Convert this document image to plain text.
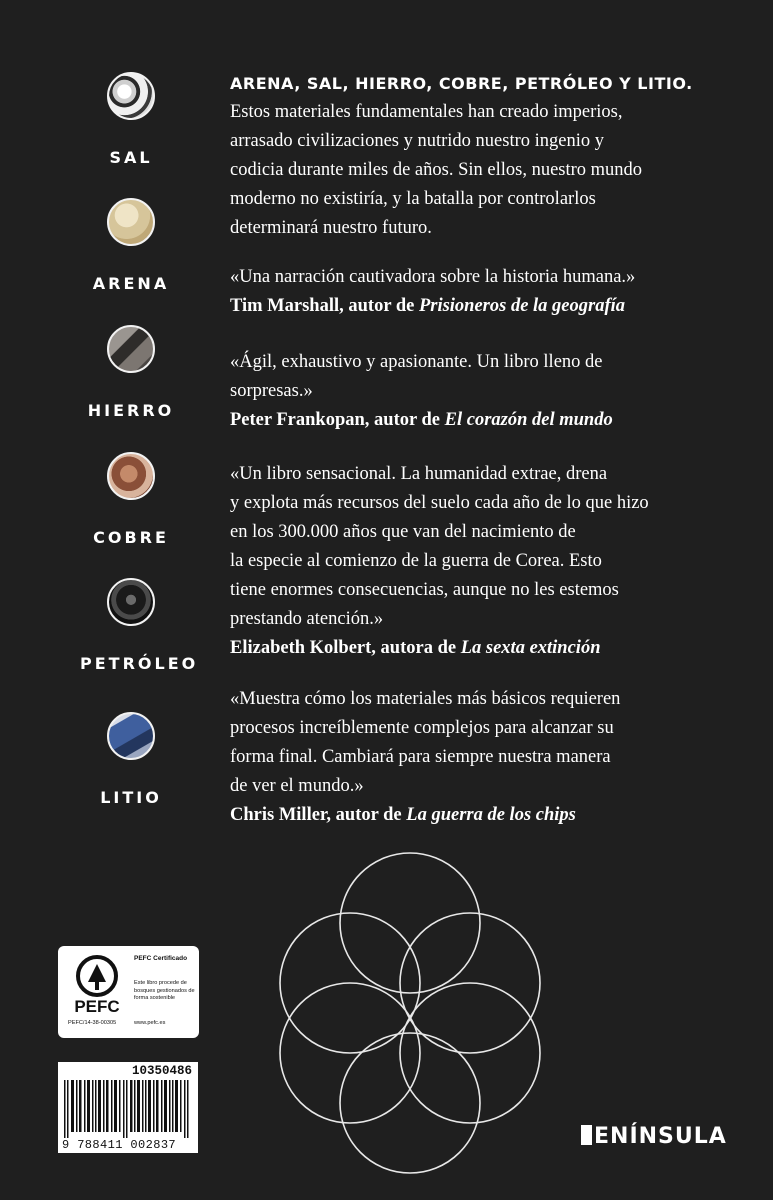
SAL
ARENA
HIERRO
COBRE
PETRÓLEO
LITIO
ARENA, SAL, HIERRO, COBRE, PETRÓLEO Y LITIO.

Estos materiales fundamentales han creado imperios,

arrasado civilizaciones y nutrido nuestro ingenio y

codicia durante miles de años. Sin ellos, nuestro mundo

moderno no existiría, y la batalla por controlarlos

determinará nuestro futuro.

«Una narración cautivadora sobre la historia humana.»

Tim Marshall, autor de Prisioneros de la geografía

«Ágil, exhaustivo y apasionante. Un libro lleno de

sorpresas.»

Peter Frankopan, autor de El corazón del mundo

«Un libro sensacional. La humanidad extrae, drena

y explota más recursos del suelo cada año de lo que hizo

en los 300.000 años que van del nacimiento de

la especie al comienzo de la guerra de Corea. Esto

tiene enormes consecuencias, aunque no les estemos

prestando atención.»

Elizabeth Kolbert, autora de La sexta extinción

«Muestra cómo los materiales más básicos requieren

procesos increíblemente complejos para alcanzar su

forma final. Cambiará para siempre nuestra manera

de ver el mundo.»

Chris Miller, autor de La guerra de los chips

PEFC
PEFC Certificado
Este libro procede de bosques gestionados de forma sostenible
PEFC/14-38-00305	www.pefc.es
10350486
9 788411 002837	ENÍNSULA
